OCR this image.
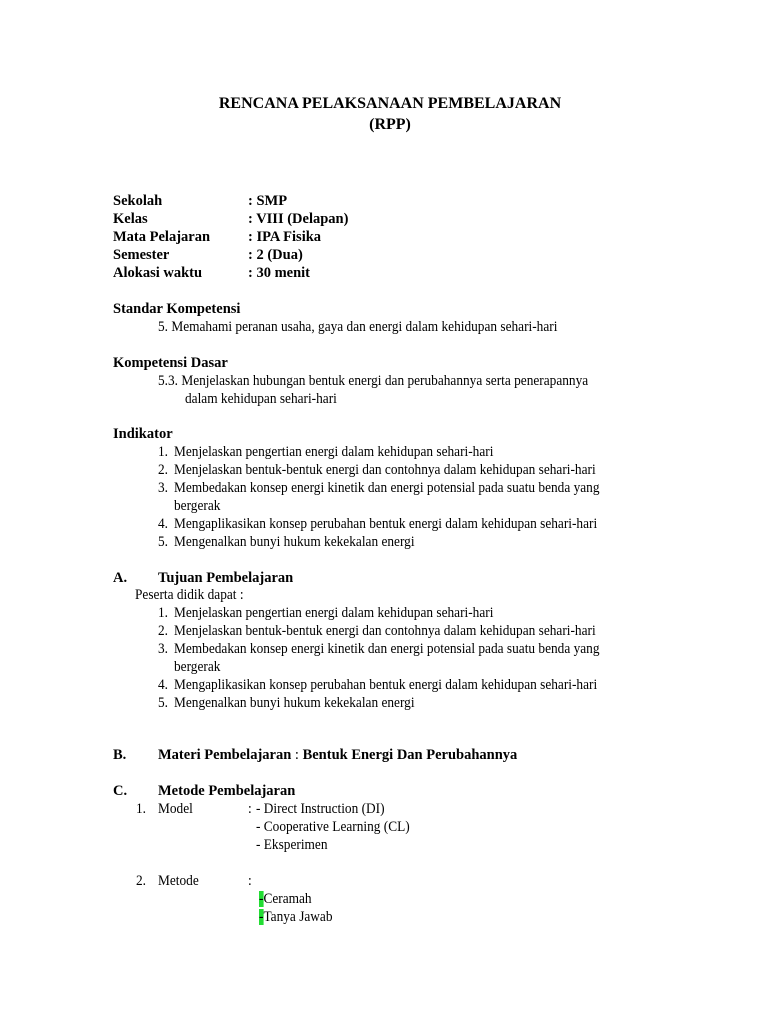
RENCANA PELAKSANAAN PEMBELAJARAN
(RPP)
Sekolah	: SMP
Kelas	: VIII (Delapan)
Mata Pelajaran	: IPA Fisika
Semester	: 2 (Dua)
Alokasi waktu	: 30 menit
Standar Kompetensi
5. Memahami peranan usaha, gaya dan energi dalam kehidupan sehari-hari
Kompetensi Dasar
5.3. Menjelaskan hubungan bentuk energi dan perubahannya serta penerapannya
dalam kehidupan sehari-hari
Indikator
1. Menjelaskan pengertian energi dalam kehidupan sehari-hari
2. Menjelaskan bentuk-bentuk energi dan contohnya dalam kehidupan sehari-hari
3. Membedakan konsep energi kinetik dan energi potensial pada suatu benda yang
bergerak
4. Mengaplikasikan konsep perubahan bentuk energi dalam kehidupan sehari-hari
5. Mengenalkan bunyi hukum kekekalan energi
A. Tujuan Pembelajaran
Peserta didik dapat :
1. Menjelaskan pengertian energi dalam kehidupan sehari-hari
2. Menjelaskan bentuk-bentuk energi dan contohnya dalam kehidupan sehari-hari
3. Membedakan konsep energi kinetik dan energi potensial pada suatu benda yang
bergerak
4. Mengaplikasikan konsep perubahan bentuk energi dalam kehidupan sehari-hari
5. Mengenalkan bunyi hukum kekekalan energi
B. Materi Pembelajaran : Bentuk Energi Dan Perubahannya
C. Metode Pembelajaran
1. Model	: - Direct Instruction (DI)
- Cooperative Learning (CL)
- Eksperimen
2. Metode	:
-Ceramah
-Tanya Jawab
